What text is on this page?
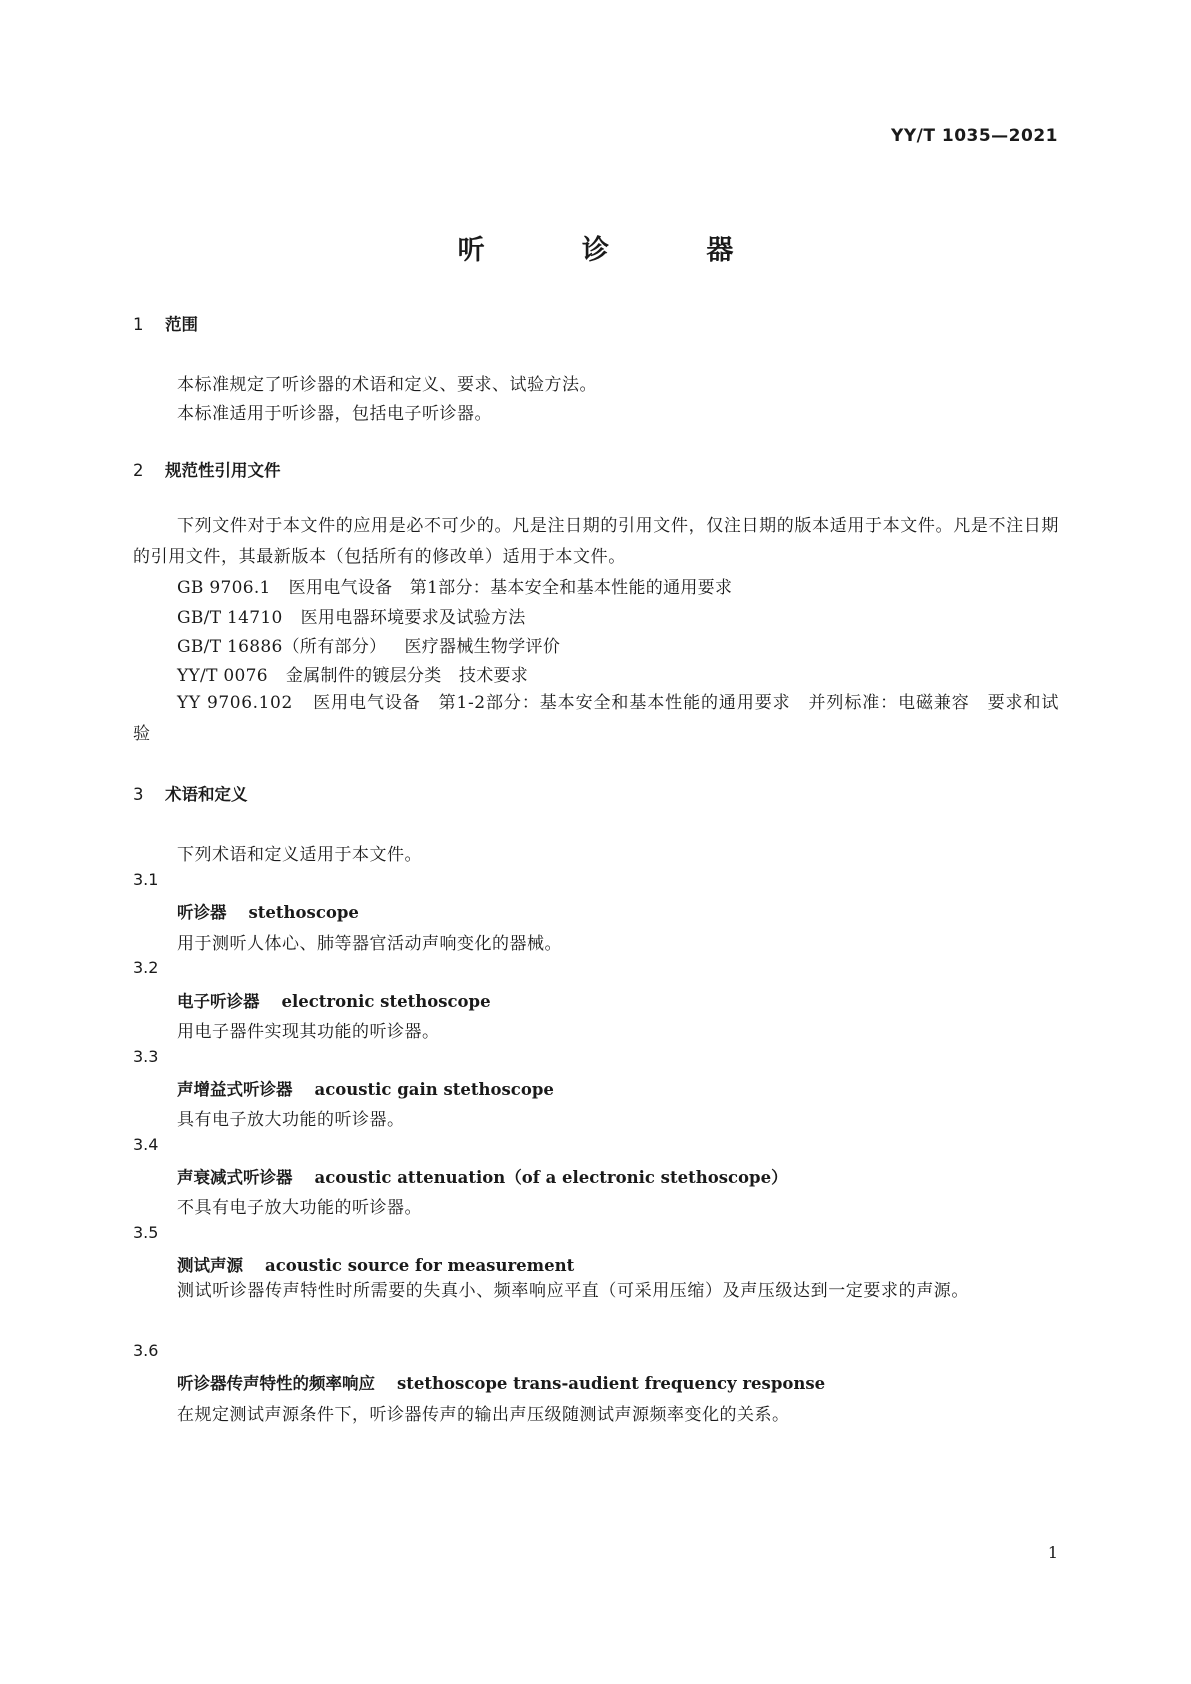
YY/T 1035—2021
听 诊 器
1 范围
本标准规定了听诊器的术语和定义、要求、试验方法。
本标准适用于听诊器，包括电子听诊器。
2 规范性引用文件
下列文件对于本文件的应用是必不可少的。凡是注日期的引用文件，仅注日期的版本适用于本文件。凡是不注日期的引用文件，其最新版本（包括所有的修改单）适用于本文件。
GB 9706.1 医用电气设备　第1部分：基本安全和基本性能的通用要求
GB/T 14710 医用电器环境要求及试验方法
GB/T 16886（所有部分） 医疗器械生物学评价
YY/T 0076 金属制件的镀层分类　技术要求
YY 9706.102 医用电气设备　第1-2部分：基本安全和基本性能的通用要求　并列标准：电磁兼容　要求和试验
3 术语和定义
下列术语和定义适用于本文件。
3.1
听诊器 stethoscope
用于测听人体心、肺等器官活动声响变化的器械。
3.2
电子听诊器 electronic stethoscope
用电子器件实现其功能的听诊器。
3.3
声增益式听诊器 acoustic gain stethoscope
具有电子放大功能的听诊器。
3.4
声衰减式听诊器 acoustic attenuation（of a electronic stethoscope）
不具有电子放大功能的听诊器。
3.5
测试声源 acoustic source for measurement
测试听诊器传声特性时所需要的失真小、频率响应平直（可采用压缩）及声压级达到一定要求的声源。
3.6
听诊器传声特性的频率响应 stethoscope trans-audient frequency response
在规定测试声源条件下，听诊器传声的输出声压级随测试声源频率变化的关系。
1
